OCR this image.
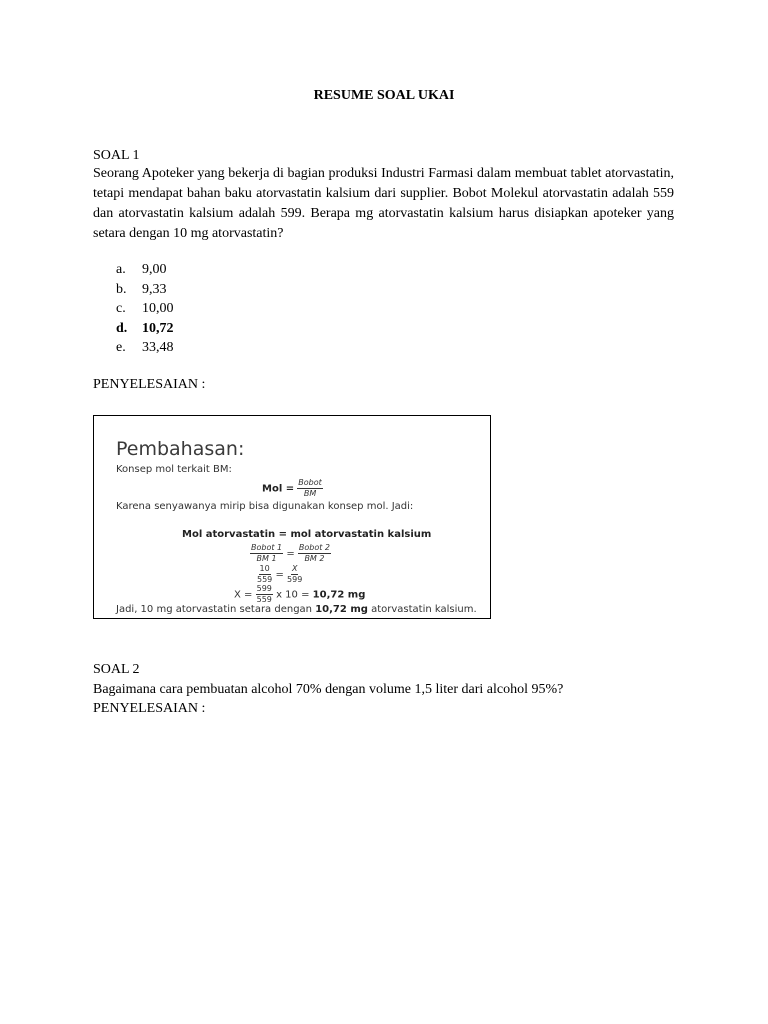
RESUME SOAL UKAI
SOAL 1
Seorang Apoteker yang bekerja di bagian produksi Industri Farmasi dalam membuat tablet atorvastatin, tetapi mendapat bahan baku atorvastatin kalsium dari supplier. Bobot Molekul atorvastatin adalah 559 dan atorvastatin kalsium adalah 599. Berapa mg atorvastatin kalsium harus disiapkan apoteker yang setara dengan 10 mg atorvastatin?
a.	9,00
b.	9,33
c.	10,00
d.	10,72
e.	33,48
PENYELESAIAN :
Pembahasan:
Konsep mol terkait BM:
Mol = $\frac{\text{Bobot}}{BM}$
Karena senyawanya mirip bisa digunakan konsep mol. Jadi:
Mol atorvastatin = mol atorvastatin kalsium
$\frac{\text{Bobot 1}}{BM 1} = \frac{\text{Bobot 2}}{BM 2}$
$\frac{10}{559} = \frac{X}{599}$
$X = \frac{599}{559}$ x 10 = 10,72 mg
Jadi, 10 mg atorvastatin setara dengan 10,72 mg atorvastatin kalsium.
SOAL 2
Bagaimana cara pembuatan alcohol 70% dengan volume 1,5 liter dari alcohol 95%?
PENYELESAIAN :
